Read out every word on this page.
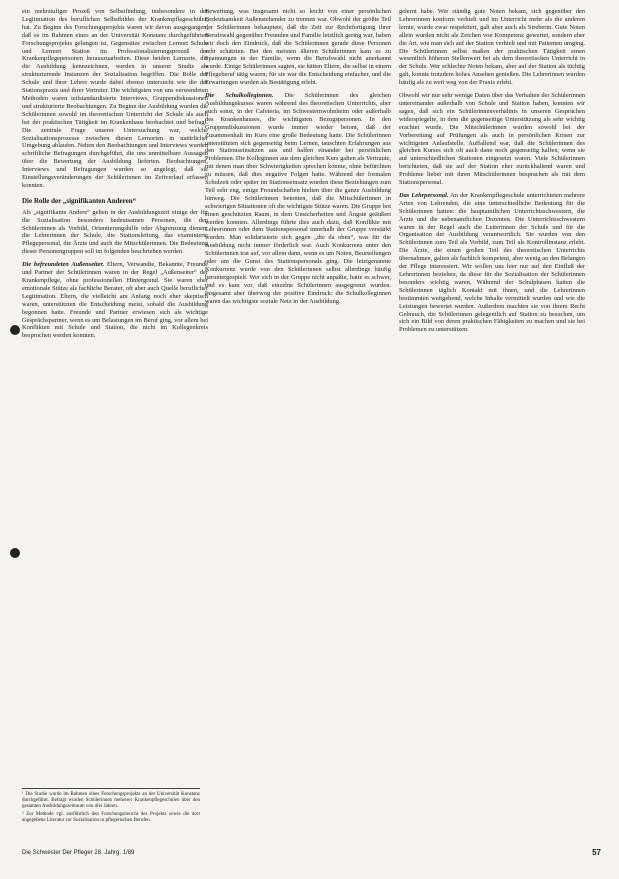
ein mehrstufiger Prozeß von Selbstfindung, insbesondere in der Legitimation des beruflichen Selbstbildes der Krankenpflegeschüler, hat. Zu Beginn des Forschungsprojekts waren wir davon ausgegangen, daß es im Rahmen eines an der Universität Konstanz durchgeführten Forschungsprojekts gelungen ist, Gegensätze zwischen Lernort Schule und Lernort Station im Professionalisierungsprozeß der Krankenpflegepersonen herauszuarbeiten. Diese beiden Lernorte, die die Ausbildung kennzeichnen, werden in unserer Studie als strukturierende Instanzen der Sozialisation begriffen. Die Rolle der Schule und ihrer Lehrer wurde dabei ebenso untersucht wie die der Stationspraxis und ihrer Vertreter. Die wichtigsten von uns verwendeten Methoden waren teilstandardisierte Interviews, Gruppendiskussionen und strukturierte Beobachtungen. Zu Beginn der Ausbildung wurden die Schülerinnen sowohl im theoretischen Unterricht der Schule als auch bei der praktischen Tätigkeit im Krankenhaus beobachtet und befragt. Die zentrale Frage unserer Untersuchung war, welche Sozialisationsprozesse zwischen diesen Lernorten in natürlicher Umgebung ablaufen. Neben den Beobachtungen und Interviews wurden schriftliche Befragungen durchgeführt, die uns unmittelbare Aussagen über die Bewertung der Ausbildung lieferten. Beobachtungen, Interviews und Befragungen wurden so angelegt, daß sie Einstellungsveränderungen der Schülerinnen im Zeitverlauf erfassen konnten.

Die Rolle der „signifikanten Anderen“

Als „signifikante Andere“ gelten in der Ausbildungszeit einige der für die Sozialisation besonders bedeutsamen Personen, die den Schülerinnen als Vorbild, Orientierungshilfe oder Abgrenzung dienen: die Lehrerinnen der Schule, die Stationsleitung, das examinierte Pflegepersonal, die Ärzte und auch die Mitschülerinnen. Die Bedeutung dieser Personengruppen soll im folgenden beschrieben werden.

Die befreundeten Außenseiter. Eltern, Verwandte, Bekannte, Freunde und Partner der Schülerinnen waren in der Regel „Außenseiter“ der Krankenpflege, ohne professionellen Hintergrund. Sie waren eher emotionale Stütze als fachliche Berater, oft aber auch Quelle beruflicher Legitimation. Eltern, die vielleicht am Anfang noch eher skeptisch waren, unterstützten die Entscheidung meist, sobald die Ausbildung begonnen hatte. Freunde und Partner erwiesen sich als wichtige Gesprächspartner, wenn es um Belastungen im Beruf ging, vor allem bei Konflikten mit Schule und Station, die nicht im Kollegenkreis besprochen werden konnten.

Bewertung, was insgesamt nicht so leicht von einer persönlichen Bedeutsamkeit Außenstehender zu trennen war. Obwohl der größte Teil der Schülerinnen behauptete, daß die Zeit zur Rechtfertigung ihrer Berufswahl gegenüber Freunden und Familie letztlich gering war, haben wir doch den Eindruck, daß die Schülerinnen gerade diese Personen sehr schätzten. Bei den meisten älteren Schülerinnen kam es zu Spannungen in der Familie, wenn die Berufswahl nicht anerkannt wurde. Einige Schülerinnen sagten, sie hätten Eltern, die selbst in einem Pflegeberuf tätig waren; für sie war die Entscheidung einfacher, und die Erwartungen wurden als Bestätigung erlebt.

Die Schulkolleginnen. Die Schülerinnen des gleichen Ausbildungskurses waren während des theoretischen Unterrichts, aber auch sonst, in der Cafeteria, im Schwesternwohnheim oder außerhalb des Krankenhauses, die wichtigsten Bezugspersonen. In den Gruppendiskussionen wurde immer wieder betont, daß der Zusammenhalt im Kurs eine große Bedeutung hatte. Die Schülerinnen unterstützten sich gegenseitig beim Lernen, tauschten Erfahrungen aus den Stationseinsätzen aus und halfen einander bei persönlichen Problemen. Die Kolleginnen aus dem gleichen Kurs galten als Vertraute, mit denen man über Schwierigkeiten sprechen konnte, ohne befürchten zu müssen, daß dies negative Folgen hatte. Während der formalen Schulzeit oder später im Stationseinsatz wurden diese Beziehungen zum Teil sehr eng, einige Freundschaften hielten über die ganze Ausbildung hinweg. Die Schülerinnen betonten, daß die Mitschülerinnen in schwierigen Situationen oft die wichtigste Stütze waren. Die Gruppe bot einen geschützten Raum, in dem Unsicherheiten und Ängste geäußert werden konnten. Allerdings führte dies auch dazu, daß Konflikte mit Lehrerinnen oder dem Stationspersonal innerhalb der Gruppe verstärkt wurden. Man solidarisierte sich gegen „die da oben“, was für die Ausbildung nicht immer förderlich war. Auch Konkurrenz unter den Schülerinnen trat auf, vor allem dann, wenn es um Noten, Beurteilungen oder um die Gunst des Stationspersonals ging. Die letztgenannte Konkurrenz wurde von den Schülerinnen selbst allerdings häufig heruntergespielt. Wer sich in der Gruppe nicht anpaßte, hatte es schwer, und es kam vor, daß einzelne Schülerinnen ausgegrenzt wurden. Insgesamt aber überwog der positive Eindruck: die Schulkolleginnen waren das wichtigste soziale Netz in der Ausbildung.

gelernt habe. Wer ständig gute Noten bekam, sich gegenüber den Lehrerinnen konform verhielt und im Unterricht mehr als die anderen lernte, wurde zwar respektiert, galt aber auch als Streberin. Gute Noten allein wurden nicht als Zeichen von Kompetenz gewertet, sondern eher die Art, wie man sich auf der Station verhielt und mit Patienten umging. Die Schülerinnen selbst maßen der praktischen Tätigkeit einen wesentlich höheren Stellenwert bei als dem theoretischen Unterricht in der Schule. Wer schlechte Noten bekam, aber auf der Station als tüchtig galt, konnte trotzdem hohes Ansehen genießen. Die Lehrerinnen wurden häufig als zu weit weg von der Praxis erlebt.

Obwohl wir nur sehr wenige Daten über das Verhalten der Schülerinnen untereinander außerhalb von Schule und Station haben, konnten wir sagen, daß sich ein Schülerinnenverhältnis in unseren Gesprächen widerspiegelte, in dem die gegenseitige Unterstützung als sehr wichtig erachtet wurde. Die Mitschülerinnen wurden sowohl bei der Vorbereitung auf Prüfungen als auch in persönlichen Krisen zur wichtigsten Anlaufstelle. Auffallend war, daß die Schülerinnen des gleichen Kurses sich oft auch dann noch gegenseitig halfen, wenn sie auf unterschiedlichen Stationen eingesetzt waren. Viele Schülerinnen berichteten, daß sie auf der Station eher zurückhaltend waren und Probleme lieber mit ihren Mitschülerinnen besprachen als mit dem Stationspersonal.

Das Lehrpersonal. An der Krankenpflegeschule unterrichteten mehrere Arten von Lehrenden, die eine unterschiedliche Bedeutung für die Schülerinnen hatten: die hauptamtlichen Unterrichtsschwestern, die Ärzte und die nebenamtlichen Dozenten. Die Unterrichtsschwestern waren in der Regel auch die Leiterinnen der Schule und für die Organisation der Ausbildung verantwortlich. Sie wurden von den Schülerinnen zum Teil als Vorbild, zum Teil als Kontrollinstanz erlebt. Die Ärzte, die einen großen Teil des theoretischen Unterrichts übernahmen, galten als fachlich kompetent, aber wenig an den Belangen der Pflege interessiert. Wir wollen uns hier nur auf den Einfluß der Lehrerinnen beziehen, da diese für die Sozialisation der Schülerinnen besonders wichtig waren. Während der Schulphasen hatten die Schülerinnen täglich Kontakt mit ihnen, und die Lehrerinnen bestimmten weitgehend, welche Inhalte vermittelt wurden und wie die Leistungen bewertet wurden. Außerdem machten sie von ihrem Recht Gebrauch, die Schülerinnen gelegentlich auf Station zu besuchen, um sich ein Bild von deren praktischen Fähigkeiten zu machen und sie bei Problemen zu unterstützen.

¹ Die Studie wurde im Rahmen eines Forschungsprojekts an der Universität Konstanz durchgeführt. Befragt wurden Schülerinnen mehrerer Krankenpflegeschulen über den gesamten Ausbildungszeitraum von drei Jahren.

² Zur Methode vgl. ausführlich den Forschungsbericht des Projekts sowie die dort angegebene Literatur zur Sozialisation in pflegerischen Berufen.

Die Schwester Der Pfleger 28. Jahrg. 1/89	57
